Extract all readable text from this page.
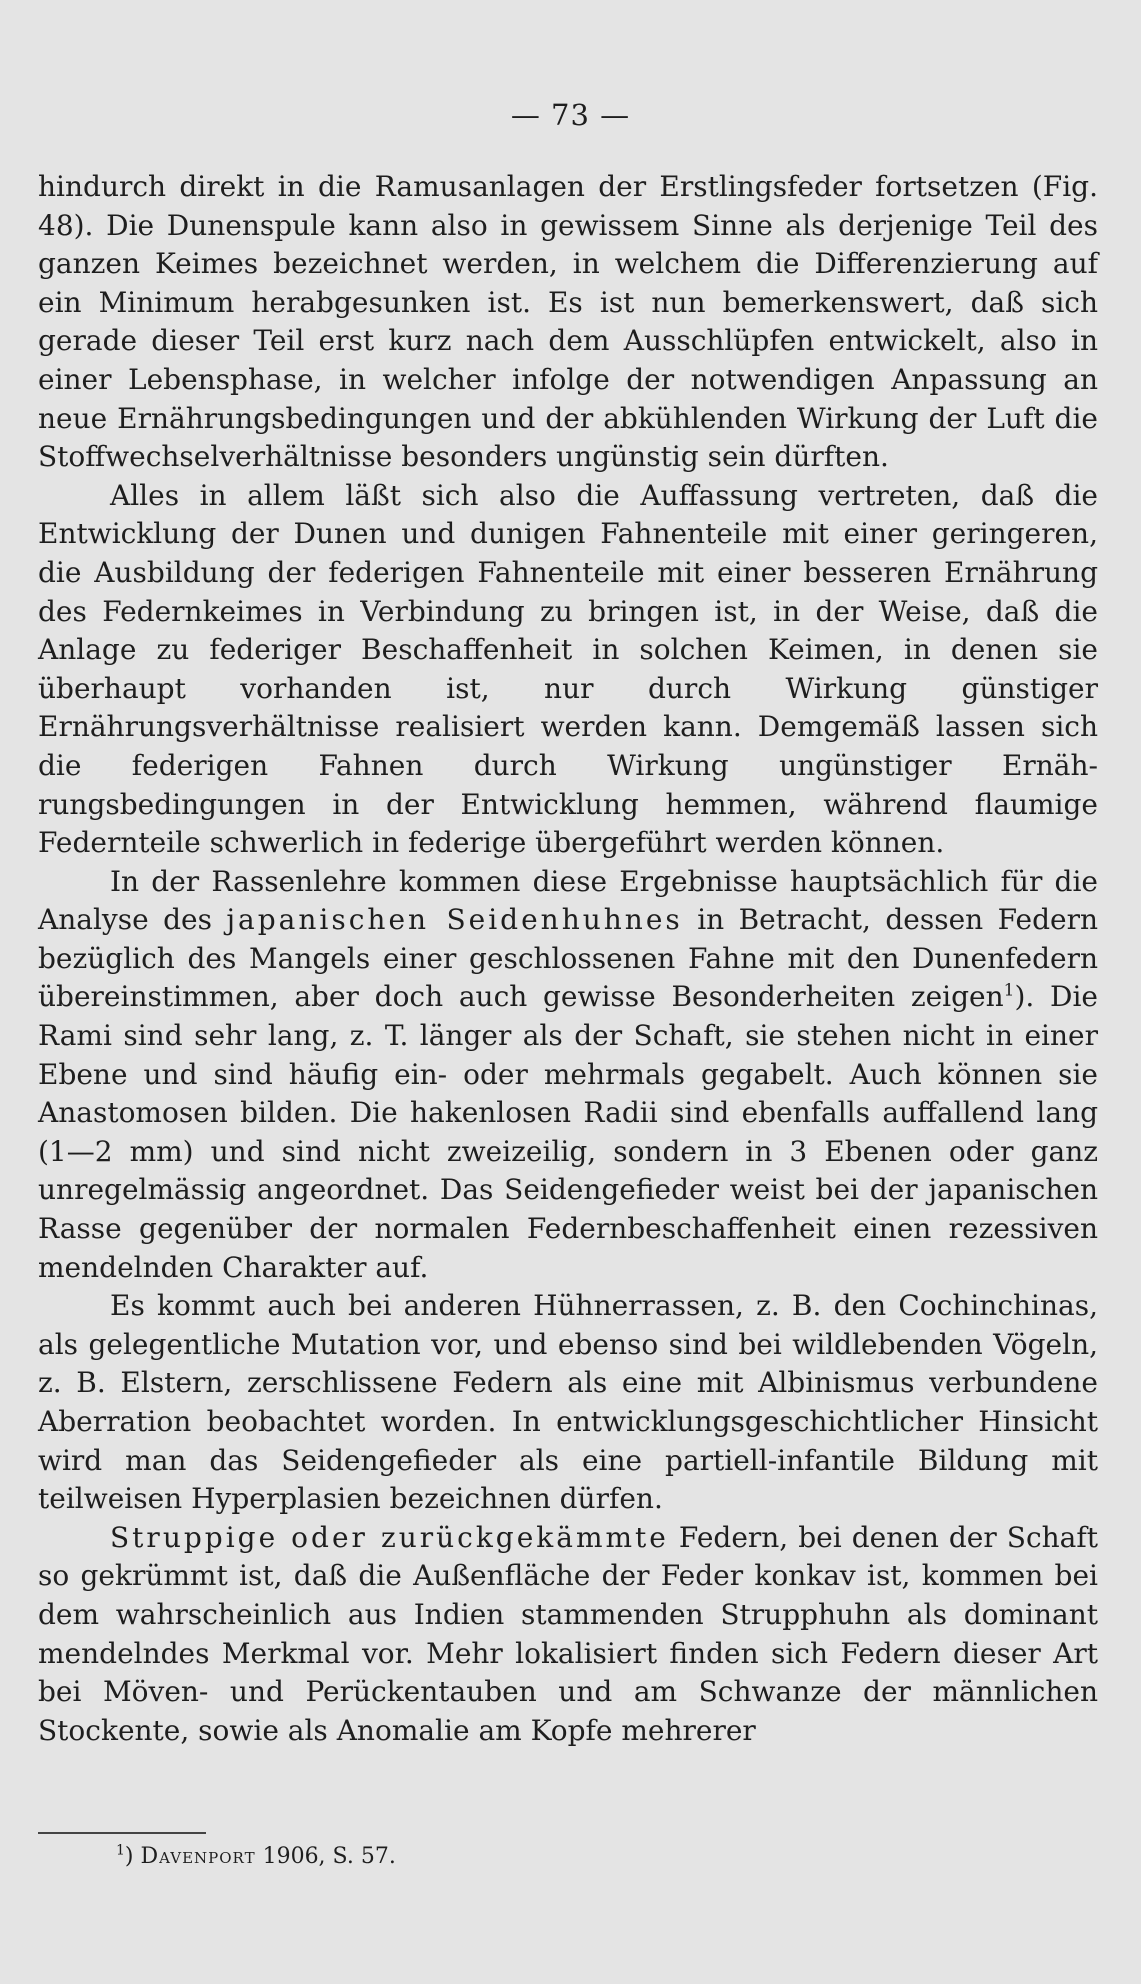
— 73 —

hindurch direkt in die Ramusanlagen der Erstlingsfeder fortsetzen (Fig. 48). Die Dunenspule kann also in gewissem Sinne als derjenige Teil des ganzen Keimes bezeichnet werden, in welchem die Differenzierung auf ein Minimum herabgesunken ist. Es ist nun bemerkenswert, daß sich gerade dieser Teil erst kurz nach dem Ausschlüpfen entwickelt, also in einer Lebensphase, in welcher infolge der notwendigen Anpassung an neue Ernährungsbedingungen und der abkühlenden Wirkung der Luft die Stoffwechselverhältnisse besonders ungünstig sein dürften.

Alles in allem läßt sich also die Auffassung vertreten, daß die Entwicklung der Dunen und dunigen Fahnenteile mit einer geringeren, die Ausbildung der federigen Fahnenteile mit einer besseren Ernährung des Federnkeimes in Verbindung zu bringen ist, in der Weise, daß die Anlage zu federiger Beschaffenheit in solchen Keimen, in denen sie überhaupt vorhanden ist, nur durch Wirkung günstiger Ernährungsverhältnisse realisiert werden kann. Demgemäß lassen sich die federigen Fahnen durch Wirkung ungünstiger Ernährungsbedingungen in der Entwicklung hemmen, während flaumige Federnteile schwerlich in federige übergeführt werden können.

In der Rassenlehre kommen diese Ergebnisse hauptsächlich für die Analyse des japanischen Seidenhuhnes in Betracht, dessen Federn bezüglich des Mangels einer geschlossenen Fahne mit den Dunenfedern übereinstimmen, aber doch auch gewisse Besonderheiten zeigen$^1$). Die Rami sind sehr lang, z. T. länger als der Schaft, sie stehen nicht in einer Ebene und sind häufig ein- oder mehrmals gegabelt. Auch können sie Anastomosen bilden. Die hakenlosen Radii sind ebenfalls auffallend lang (1—2 mm) und sind nicht zweizeilig, sondern in 3 Ebenen oder ganz unregelmässig angeordnet. Das Seidengefieder weist bei der japanischen Rasse gegenüber der normalen Federnbeschaffenheit einen rezessiven mendelnden Charakter auf.

Es kommt auch bei anderen Hühnerrassen, z. B. den Cochinchinas, als gelegentliche Mutation vor, und ebenso sind bei wildlebenden Vögeln, z. B. Elstern, zerschlissene Federn als eine mit Albinismus verbundene Aberration beobachtet worden. In entwicklungsgeschichtlicher Hinsicht wird man das Seidengefieder als eine partiell-infantile Bildung mit teilweisen Hyperplasien bezeichnen dürfen.

Struppige oder zurückgekämmte Federn, bei denen der Schaft so gekrümmt ist, daß die Außenfläche der Feder konkav ist, kommen bei dem wahrscheinlich aus Indien stammenden Strupphuhn als dominant mendelndes Merkmal vor. Mehr lokalisiert finden sich Federn dieser Art bei Möven- und Perückentauben und am Schwanze der männlichen Stockente, sowie als Anomalie am Kopfe mehrerer

$^1$) Davenport 1906, S. 57.
